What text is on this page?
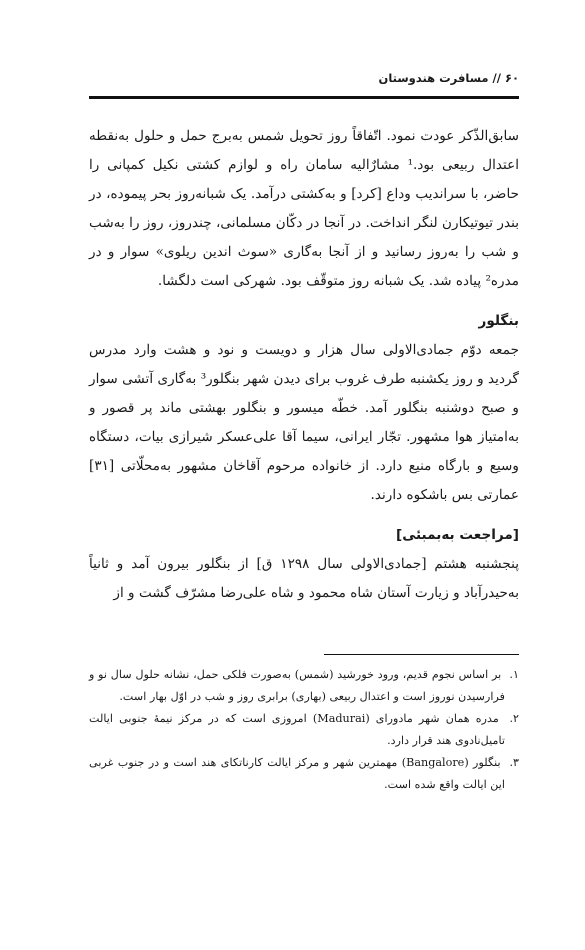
۶۰ // مسافرت هندوستان

سابق‌الذّکر عودت نمود. اتّفاقاً روز تحویل شمس به‌برج حمل و حلول به‌نقطه اعتدال ربیعی بود.¹ مشارٌالیه سامان راه و لوازم کشتی نکیل کمپانی را حاضر، با سراندیب وداع [کرد] و به‌کشتی درآمد. یک شبانه‌روز بحر پیموده، در بندر تیوتیکارن لنگر انداخت. در آنجا در دکّان مسلمانی، چندروز، روز را به‌شب و شب را به‌روز رسانید و از آنجا به‌گاری «سوث اندین ریلوی» سوار و در مدره² پیاده شد. یک شبانه روز متوقّف بود. شهرکی است دلگشا.

بنگلور

جمعه دوّم جمادی‌الاولی سال هزار و دویست و نود و هشت وارد مدرس گردید و روز یکشنبه طرف غروب برای دیدن شهر بنگلور³ به‌گاری آتشی سوار و صبح دوشنبه بنگلور آمد. خطّه میسور و بنگلور بهشتی ماند پر قصور و به‌امتیاز هوا مشهور. تجّار ایرانی، سیما آقا علی‌عسکر شیرازی بیات، دستگاه وسیع و بارگاه منیع دارد. از خانواده مرحوم آقاخان مشهور به‌محلّاتی [۳۱] عمارتی بس باشکوه دارند.

[مراجعت به‌بمبئی]

پنجشنبه هشتم [جمادی‌الاولی سال ۱۲۹۸ ق] از بنگلور بیرون آمد و ثانیاً به‌حیدرآباد و زیارت آستان شاه محمود و شاه علی‌رضا مشرّف گشت و از

۱. بر اساس نجوم قدیم، ورود خورشید (شمس) به‌صورت فلکی حمل، نشانه حلول سال نو و فرارسیدن نوروز است و اعتدال ربیعی (بهاری) برابری روز و شب در اوّل بهار است.

۲. مدره همان شهر مادورای (Madurai) امروزی است که در مرکز نیمهٔ جنوبی ایالت تامیل‌نادوی هند قرار دارد.

۳. بنگلور (Bangalore) مهمترین شهر و مرکز ایالت کارناتکای هند است و در جنوب غربی این ایالت واقع شده است.
